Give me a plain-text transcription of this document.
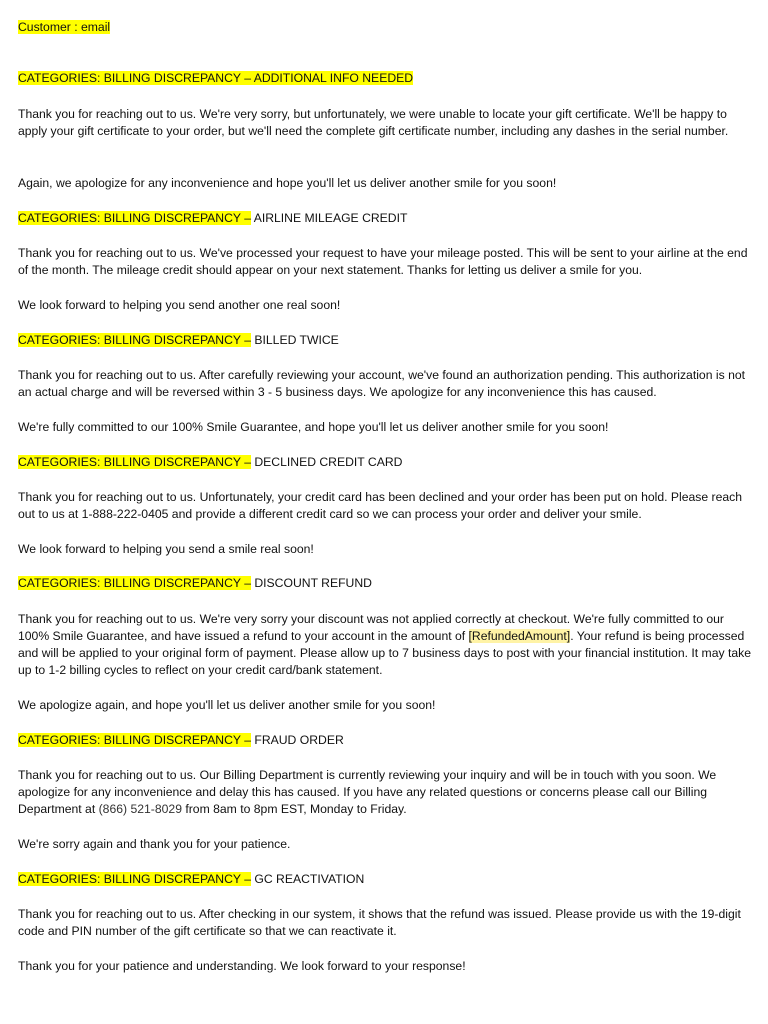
Customer : email
CATEGORIES: BILLING DISCREPANCY – ADDITIONAL INFO NEEDED
Thank you for reaching out to us. We're very sorry, but unfortunately, we were unable to locate your gift certificate. We'll be happy to apply your gift certificate to your order, but we'll need the complete gift certificate number, including any dashes in the serial number.
Again, we apologize for any inconvenience and hope you'll let us deliver another smile for you soon!
CATEGORIES: BILLING DISCREPANCY – AIRLINE MILEAGE CREDIT
Thank you for reaching out to us. We've processed your request to have your mileage posted. This will be sent to your airline at the end of the month. The mileage credit should appear on your next statement. Thanks for letting us deliver a smile for you.
We look forward to helping you send another one real soon!
CATEGORIES: BILLING DISCREPANCY – BILLED TWICE
Thank you for reaching out to us. After carefully reviewing your account, we've found an authorization pending. This authorization is not an actual charge and will be reversed within 3 - 5 business days. We apologize for any inconvenience this has caused.
We're fully committed to our 100% Smile Guarantee, and hope you'll let us deliver another smile for you soon!
CATEGORIES: BILLING DISCREPANCY – DECLINED CREDIT CARD
Thank you for reaching out to us. Unfortunately, your credit card has been declined and your order has been put on hold. Please reach out to us at 1-888-222-0405 and provide a different credit card so we can process your order and deliver your smile.
We look forward to helping you send a smile real soon!
CATEGORIES: BILLING DISCREPANCY – DISCOUNT REFUND
Thank you for reaching out to us. We're very sorry your discount was not applied correctly at checkout. We're fully committed to our 100% Smile Guarantee, and have issued a refund to your account in the amount of [RefundedAmount]. Your refund is being processed and will be applied to your original form of payment. Please allow up to 7 business days to post with your financial institution. It may take up to 1-2 billing cycles to reflect on your credit card/bank statement.
We apologize again, and hope you'll let us deliver another smile for you soon!
CATEGORIES: BILLING DISCREPANCY – FRAUD ORDER
Thank you for reaching out to us. Our Billing Department is currently reviewing your inquiry and will be in touch with you soon. We apologize for any inconvenience and delay this has caused. If you have any related questions or concerns please call our Billing Department at (866) 521-8029 from 8am to 8pm EST, Monday to Friday.
We're sorry again and thank you for your patience.
CATEGORIES: BILLING DISCREPANCY – GC REACTIVATION
Thank you for reaching out to us. After checking in our system, it shows that the refund was issued. Please provide us with the 19-digit code and PIN number of the gift certificate so that we can reactivate it.
Thank you for your patience and understanding. We look forward to your response!
